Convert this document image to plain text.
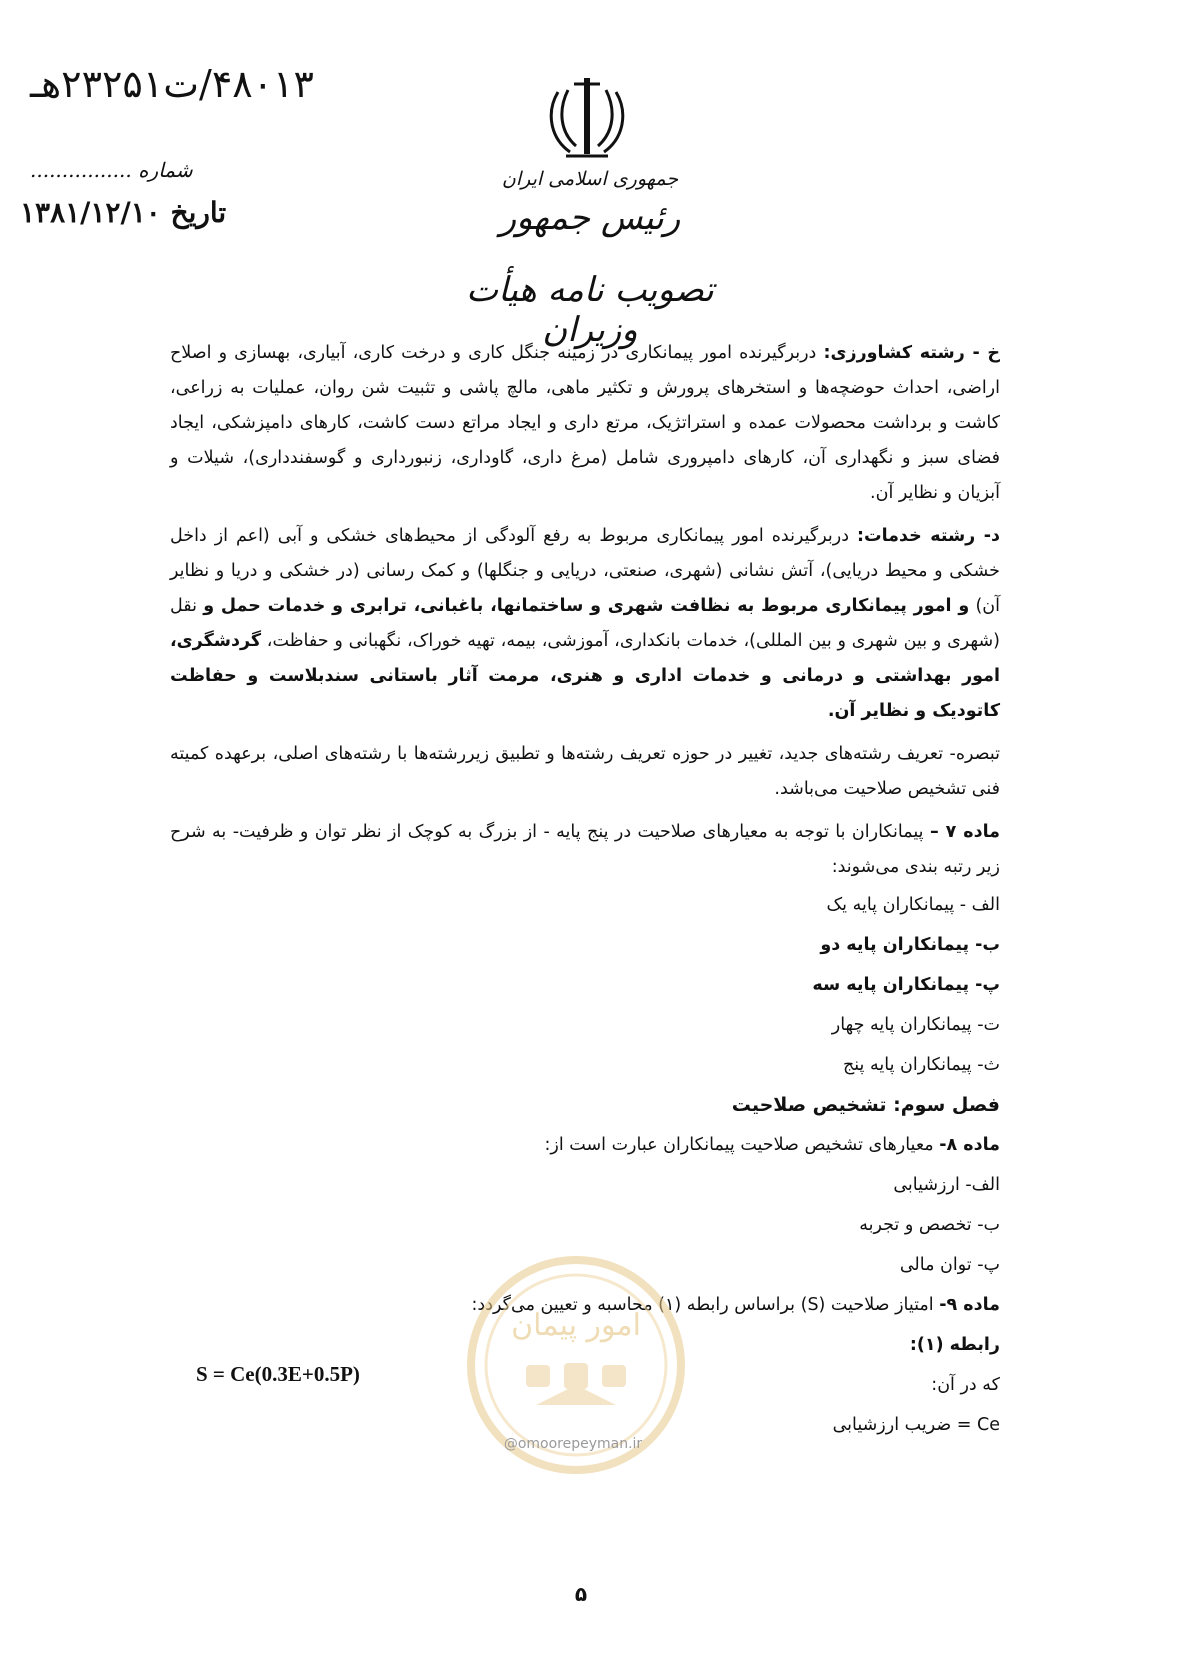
۴۸۰۱۳/ت۲۳۲۵۱هـ
شماره ................
تاریخ ۱۳۸۱/۱۲/۱۰
جمهوری اسلامی ایران
رئیس جمهور
تصویب نامه هیأت وزیران

خ - رشته کشاورزی: دربرگیرنده امور پیمانکاری در زمینه جنگل کاری و درخت کاری، آبیاری، بهسازی و اصلاح اراضی، احداث حوضچه‌ها و استخرهای پرورش و تکثیر ماهی، مالچ پاشی و تثبیت شن روان، عملیات به زراعی، کاشت و برداشت محصولات عمده و استراتژیک، مرتع داری و ایجاد مراتع دست کاشت، کارهای دامپزشکی، ایجاد فضای سبز و نگهداری آن، کارهای دامپروری شامل (مرغ داری، گاوداری، زنبورداری و گوسفندداری)، شیلات و آبزیان و نظایر آن.

د- رشته خدمات: دربرگیرنده امور پیمانکاری مربوط به رفع آلودگی از محیط‌های خشکی و آبی (اعم از داخل خشکی و محیط دریایی)، آتش نشانی (شهری، صنعتی، دریایی و جنگلها) و کمک رسانی (در خشکی و دریا و نظایر آن) و امور پیمانکاری مربوط به نظافت شهری و ساختمانها، باغبانی، ترابری و خدمات حمل و نقل (شهری و بین شهری و بین المللی)، خدمات بانکداری، آموزشی، بیمه، تهیه خوراک، نگهبانی و حفاظت، گردشگری، امور بهداشتی و درمانی و خدمات اداری و هنری، مرمت آثار باستانی سندبلاست و حفاظت کاتودیک و نظایر آن.

تبصره- تعریف رشته‌های جدید، تغییر در حوزه تعریف رشته‌ها و تطبیق زیررشته‌ها با رشته‌های اصلی، برعهده کمیته فنی تشخیص صلاحیت می‌باشد.

ماده ۷ – پیمانکاران با توجه به معیارهای صلاحیت در پنج پایه - از بزرگ به کوچک از نظر توان و ظرفیت- به شرح زیر رتبه بندی می‌شوند:

الف - پیمانکاران پایه یک

ب- پیمانکاران پایه دو

پ- پیمانکاران پایه سه

ت- پیمانکاران پایه چهار

ث- پیمانکاران پایه پنج

فصل سوم: تشخیص صلاحیت

ماده ۸- معیارهای تشخیص صلاحیت پیمانکاران عبارت است از:

الف- ارزشیابی

ب- تخصص و تجربه

پ- توان مالی

ماده ۹- امتیاز صلاحیت (S) براساس رابطه (۱) محاسبه و تعیین می‌گردد:

رابطه (۱):

که در آن:

Ce = ضریب ارزشیابی

S = Ce(0.3E+0.5P)
امور پیمان
@omoorepeyman.ir
۵
